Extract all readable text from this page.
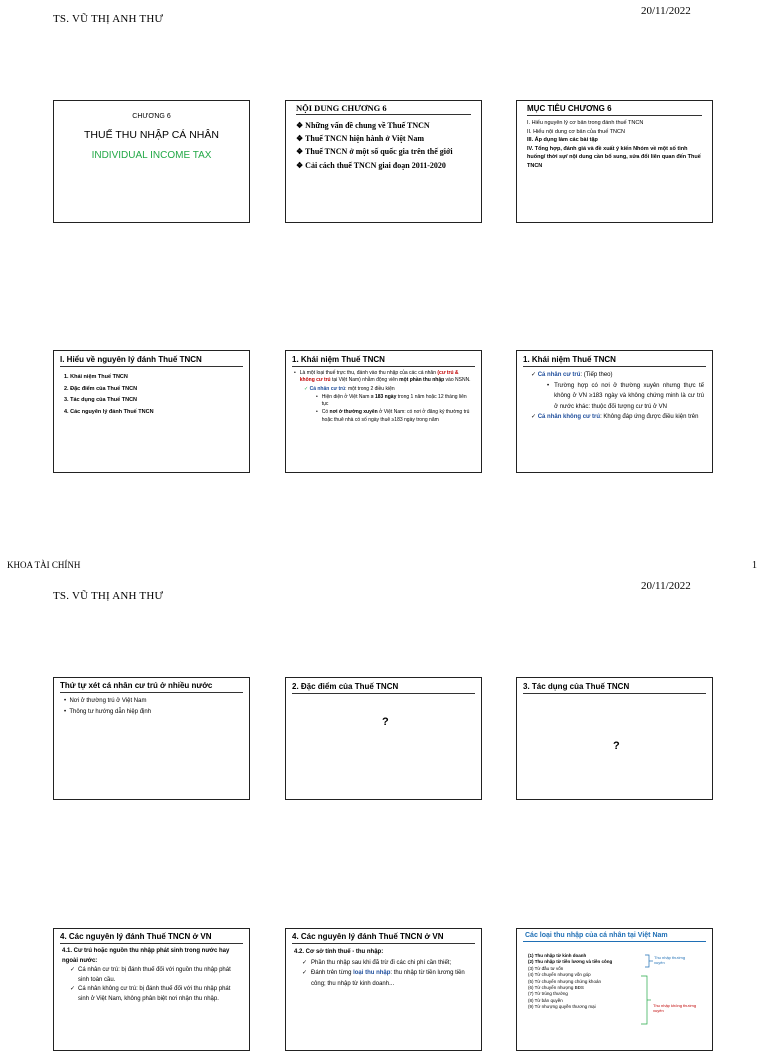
TS. VŨ THỊ ANH THƯ
20/11/2022
CHƯƠNG 6
THUẾ THU NHẬP CÁ NHÂN
INDIVIDUAL INCOME TAX
NỘI DUNG CHƯƠNG 6
❖ Những vấn đề chung về Thuế TNCN
❖ Thuế TNCN hiện hành ở Việt Nam
❖ Thuế TNCN ở một số quốc gia trên thế giới
❖ Cải cách thuế TNCN giai đoạn 2011-2020
MỤC TIÊU CHƯƠNG 6
I. Hiểu nguyên lý cơ bản trong đánh thuế TNCN
II. Hiểu nội dung cơ bản của thuế TNCN
III. Áp dụng làm các bài tập
IV. Tổng hợp, đánh giá và đề xuất ý kiến Nhóm về một số tình huống/ thời sự/ nội dung cần bổ sung, sửa đổi liên quan đến Thuế TNCN
I. Hiểu về nguyên lý đánh Thuế TNCN
1. Khái niệm Thuế TNCN
2. Đặc điểm của Thuế TNCN
3. Tác dụng của Thuế TNCN
4. Các nguyên lý đánh Thuế TNCN
1. Khái niệm Thuế TNCN
• Là một loại thuế trực thu, đánh vào thu nhập của các cá nhân (cư trú & không cư trú tại Việt Nam) nhằm động viên một phần thu nhập vào NSNN.
✓ Cá nhân cư trú: một trong 2 điều kiện
• Hiện diện ở Việt Nam ≥ 183 ngày trong 1 năm hoặc 12 tháng liên tục
• Có nơi ở thường xuyên ở Việt Nam: có nơi ở đăng ký thường trú hoặc thuê nhà có số ngày thuê ≥183 ngày trong năm
1. Khái niệm Thuế TNCN
✓ Cá nhân cư trú: (Tiếp theo)
• Trường hợp có nơi ở thường xuyên nhưng thực tế không ở VN ≥183 ngày và không chứng minh là cư trú ở nước khác: thuộc đối tượng cư trú ở VN
✓ Cá nhân không cư trú: Không đáp ứng được điều kiện trên
KHOA TÀI CHÍNH	1
20/11/2022
TS. VŨ THỊ ANH THƯ
Thứ tự xét cá nhân cư trú ở nhiều nước
• Nơi ở thường trú ở Việt Nam
• Thông tư hướng dẫn hiệp định
2. Đặc điểm của Thuế TNCN
?
3. Tác dụng của Thuế TNCN
?
4. Các nguyên lý đánh Thuế TNCN ở VN
4.1. Cư trú hoặc nguồn thu nhập phát sinh trong nước hay ngoài nước:
✓ Cá nhân cư trú: bị đánh thuế đối với nguồn thu nhập phát sinh toàn cầu.
✓ Cá nhân không cư trú: bị đánh thuế đối với thu nhập phát sinh ở Việt Nam, không phân biệt nơi nhận thu nhập.
4. Các nguyên lý đánh Thuế TNCN ở VN
4.2. Cơ sở tính thuế - thu nhập:
✓ Phần thu nhập sau khi đã trừ đi các chi phí cần thiết;
✓ Đánh trên từng loại thu nhập: thu nhập từ tiền lương tiền công; thu nhập từ kinh doanh...
Các loại thu nhập của cá nhân tại Việt Nam
(1) Thu nhập từ kinh doanh
(2) Thu nhập từ tiền lương và tiền công
(3) Từ đầu tư vốn
(4) Từ chuyển nhượng vốn góp
(5) Từ chuyển nhượng chứng khoán
(6) Từ chuyển nhượng BĐS
(7) Từ trúng thưởng
(8) Từ bản quyền
(9) Từ nhượng quyền thương mại
Thu nhập thường xuyên
Thu nhập không thường xuyên
